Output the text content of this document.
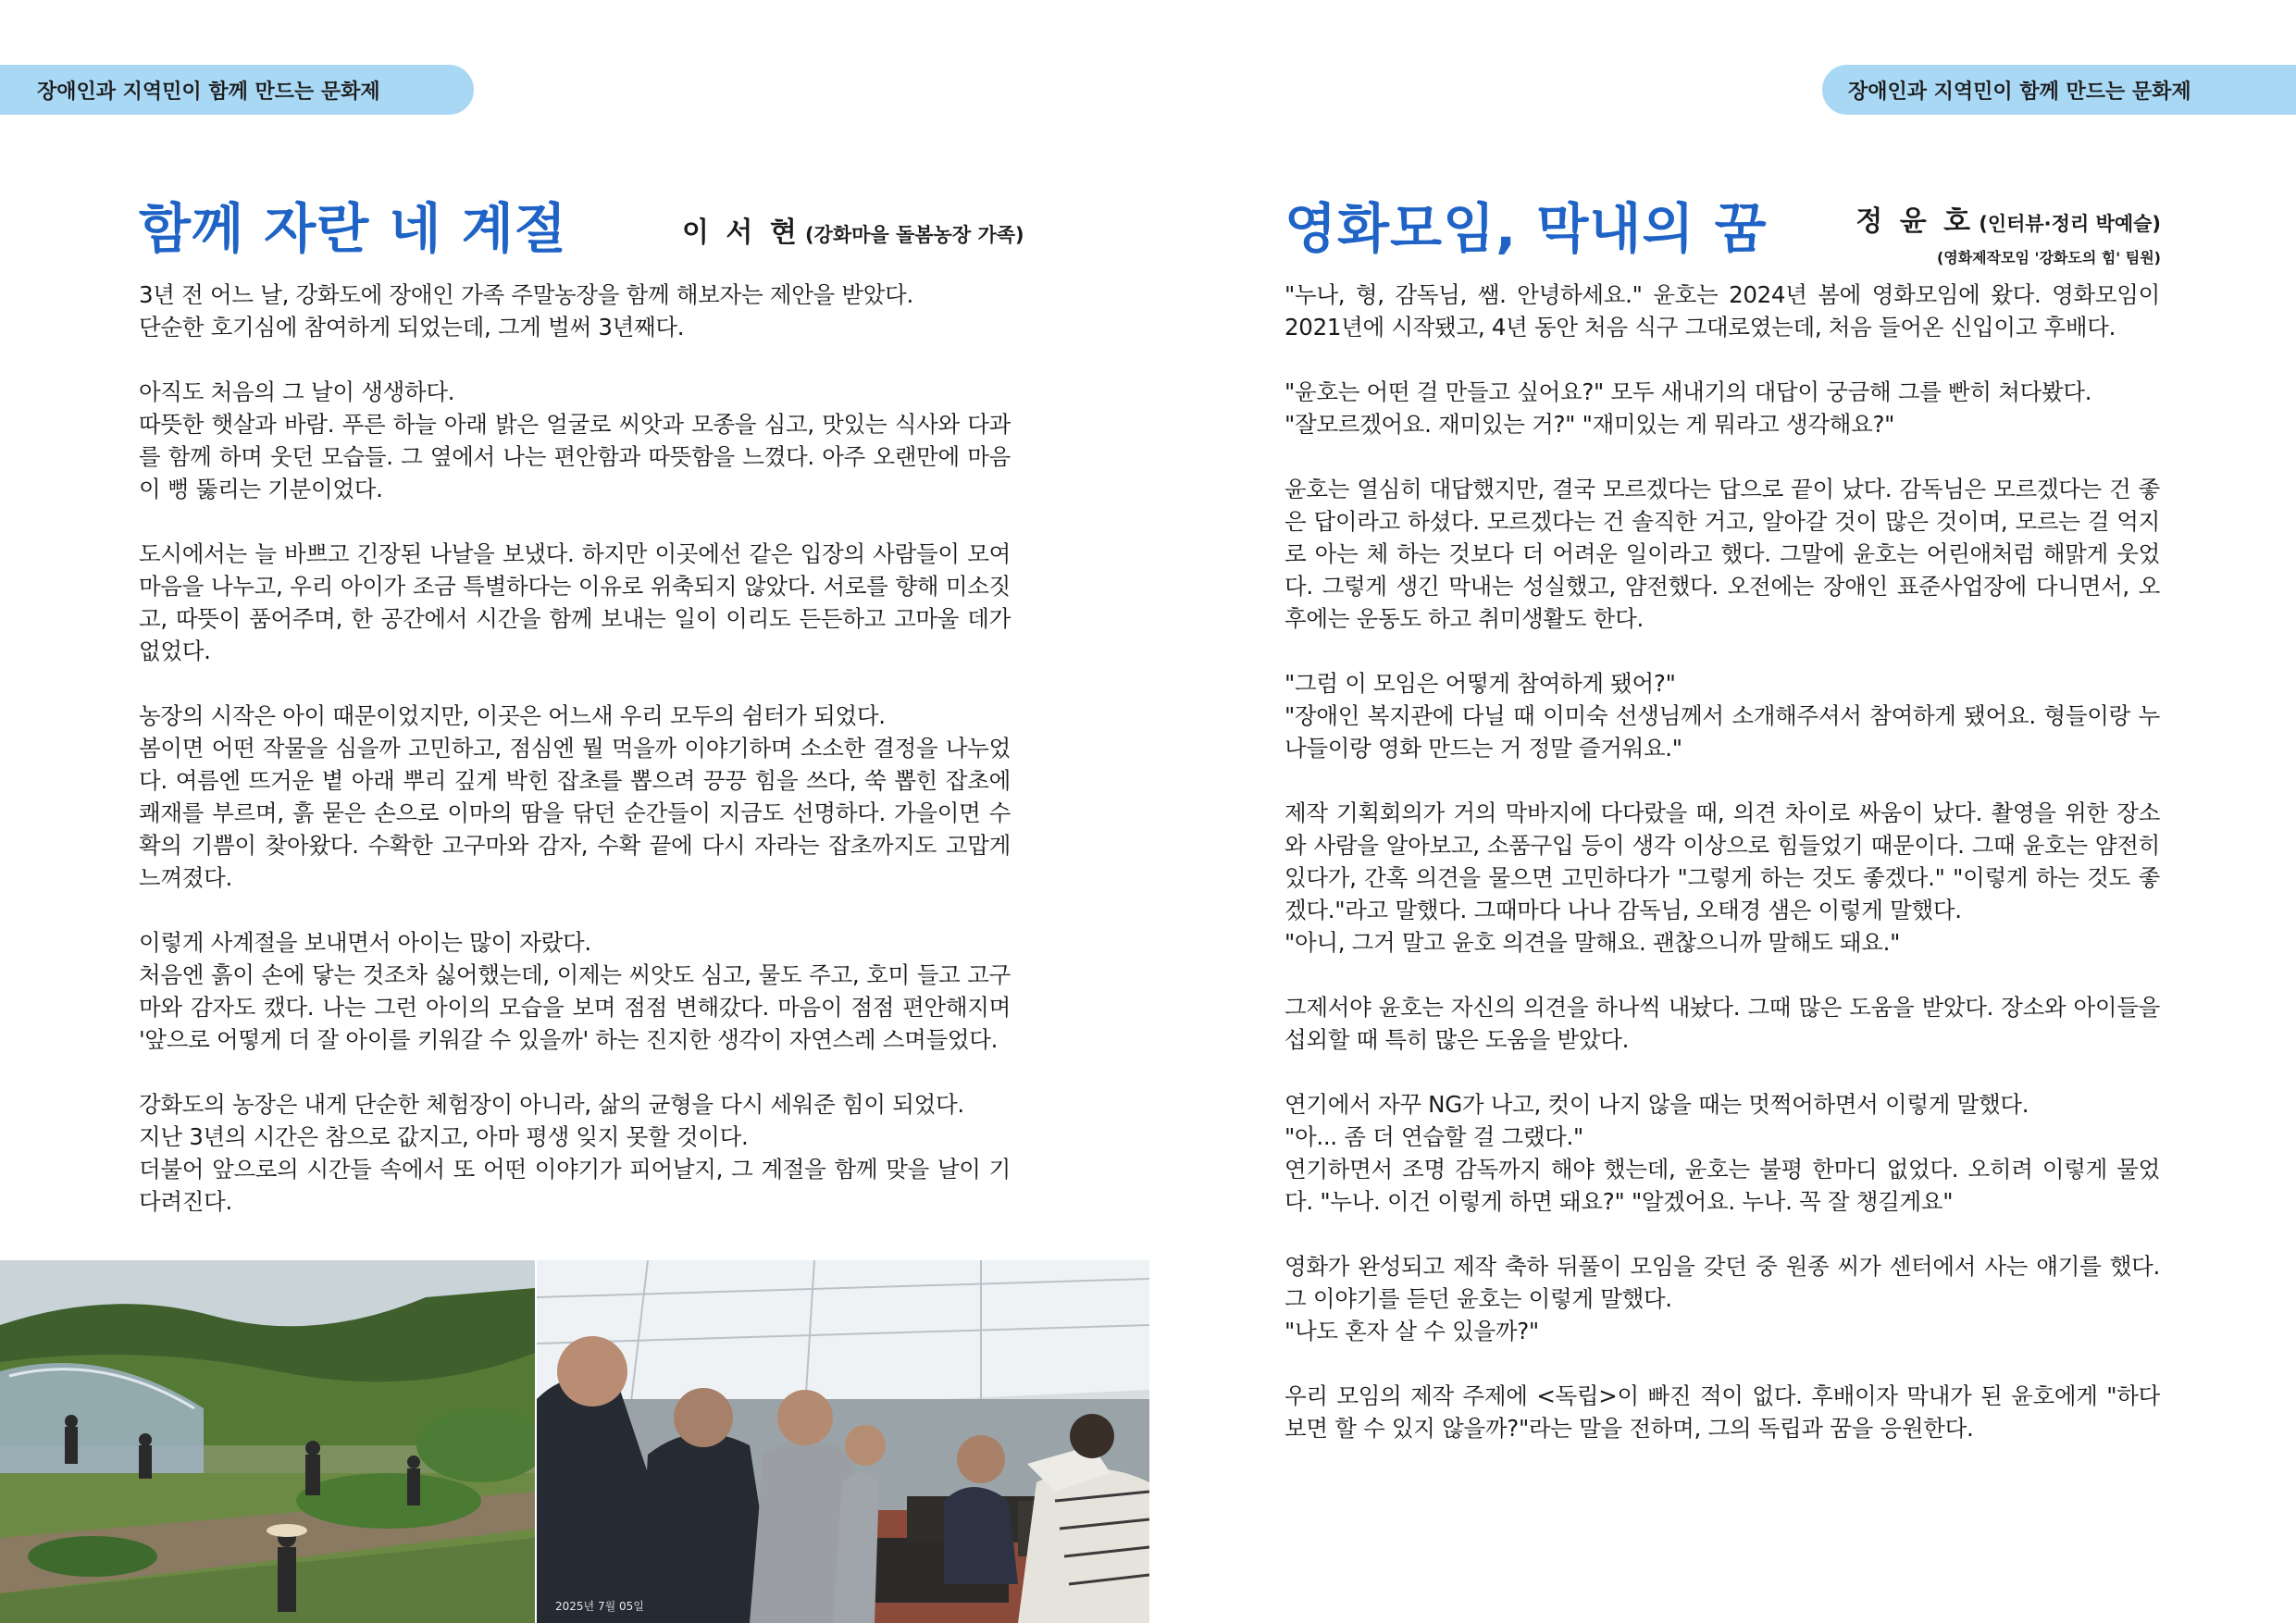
장애인과 지역민이 함께 만드는 문화제	장애인과 지역민이 함께 만드는 문화제
함께 자란 네 계절	이 서 현 (강화마을 돌봄농장 가족)

3년 전 어느 날, 강화도에 장애인 가족 주말농장을 함께 해보자는 제안을 받았다.
단순한 호기심에 참여하게 되었는데, 그게 벌써 3년째다.

아직도 처음의 그 날이 생생하다.
따뜻한 햇살과 바람. 푸른 하늘 아래 밝은 얼굴로 씨앗과 모종을 심고, 맛있는 식사와 다과를 함께 하며 웃던 모습들. 그 옆에서 나는 편안함과 따뜻함을 느꼈다. 아주 오랜만에 마음이 뻥 뚫리는 기분이었다.

도시에서는 늘 바쁘고 긴장된 나날을 보냈다. 하지만 이곳에선 같은 입장의 사람들이 모여 마음을 나누고, 우리 아이가 조금 특별하다는 이유로 위축되지 않았다. 서로를 향해 미소짓고, 따뜻이 품어주며, 한 공간에서 시간을 함께 보내는 일이 이리도 든든하고 고마울 데가 없었다.

농장의 시작은 아이 때문이었지만, 이곳은 어느새 우리 모두의 쉼터가 되었다.
봄이면 어떤 작물을 심을까 고민하고, 점심엔 뭘 먹을까 이야기하며 소소한 결정을 나누었다. 여름엔 뜨거운 볕 아래 뿌리 깊게 박힌 잡초를 뽑으려 끙끙 힘을 쓰다, 쑥 뽑힌 잡초에 쾌재를 부르며, 흙 묻은 손으로 이마의 땀을 닦던 순간들이 지금도 선명하다. 가을이면 수확의 기쁨이 찾아왔다. 수확한 고구마와 감자, 수확 끝에 다시 자라는 잡초까지도 고맙게 느껴졌다.

이렇게 사계절을 보내면서 아이는 많이 자랐다.
처음엔 흙이 손에 닿는 것조차 싫어했는데, 이제는 씨앗도 심고, 물도 주고, 호미 들고 고구마와 감자도 캤다. 나는 그런 아이의 모습을 보며 점점 변해갔다. 마음이 점점 편안해지며 '앞으로 어떻게 더 잘 아이를 키워갈 수 있을까' 하는 진지한 생각이 자연스레 스며들었다.

강화도의 농장은 내게 단순한 체험장이 아니라, 삶의 균형을 다시 세워준 힘이 되었다.
지난 3년의 시간은 참으로 값지고, 아마 평생 잊지 못할 것이다.
더불어 앞으로의 시간들 속에서 또 어떤 이야기가 피어날지, 그 계절을 함께 맞을 날이 기다려진다.

2025년 7월 05일
영화모임, 막내의 꿈	정 윤 호 (인터뷰·정리 박예슬)
(영화제작모임 '강화도의 힘' 팀원)

"누나, 형, 감독님, 쌤. 안녕하세요." 윤호는 2024년 봄에 영화모임에 왔다. 영화모임이 2021년에 시작됐고, 4년 동안 처음 식구 그대로였는데, 처음 들어온 신입이고 후배다.

"윤호는 어떤 걸 만들고 싶어요?" 모두 새내기의 대답이 궁금해 그를 빤히 쳐다봤다.
"잘모르겠어요. 재미있는 거?" "재미있는 게 뭐라고 생각해요?"

윤호는 열심히 대답했지만, 결국 모르겠다는 답으로 끝이 났다. 감독님은 모르겠다는 건 좋은 답이라고 하셨다. 모르겠다는 건 솔직한 거고, 알아갈 것이 많은 것이며, 모르는 걸 억지로 아는 체 하는 것보다 더 어려운 일이라고 했다. 그말에 윤호는 어린애처럼 해맑게 웃었다. 그렇게 생긴 막내는 성실했고, 얌전했다. 오전에는 장애인 표준사업장에 다니면서, 오후에는 운동도 하고 취미생활도 한다.

"그럼 이 모임은 어떻게 참여하게 됐어?"
"장애인 복지관에 다닐 때 이미숙 선생님께서 소개해주셔서 참여하게 됐어요. 형들이랑 누나들이랑 영화 만드는 거 정말 즐거워요."

제작 기획회의가 거의 막바지에 다다랐을 때, 의견 차이로 싸움이 났다. 촬영을 위한 장소와 사람을 알아보고, 소품구입 등이 생각 이상으로 힘들었기 때문이다. 그때 윤호는 얌전히 있다가, 간혹 의견을 물으면 고민하다가 "그렇게 하는 것도 좋겠다." "이렇게 하는 것도 좋겠다."라고 말했다. 그때마다 나나 감독님, 오태경 샘은 이렇게 말했다.
"아니, 그거 말고 윤호 의견을 말해요. 괜찮으니까 말해도 돼요."

그제서야 윤호는 자신의 의견을 하나씩 내놨다. 그때 많은 도움을 받았다. 장소와 아이들을 섭외할 때 특히 많은 도움을 받았다.

연기에서 자꾸 NG가 나고, 컷이 나지 않을 때는 멋쩍어하면서 이렇게 말했다.
"아... 좀 더 연습할 걸 그랬다."
연기하면서 조명 감독까지 해야 했는데, 윤호는 불평 한마디 없었다. 오히려 이렇게 물었다. "누나. 이건 이렇게 하면 돼요?" "알겠어요. 누나. 꼭 잘 챙길게요"

영화가 완성되고 제작 축하 뒤풀이 모임을 갖던 중 원종 씨가 센터에서 사는 얘기를 했다. 그 이야기를 듣던 윤호는 이렇게 말했다.
"나도 혼자 살 수 있을까?"

우리 모임의 제작 주제에 <독립>이 빠진 적이 없다. 후배이자 막내가 된 윤호에게 "하다 보면 할 수 있지 않을까?"라는 말을 전하며, 그의 독립과 꿈을 응원한다.
